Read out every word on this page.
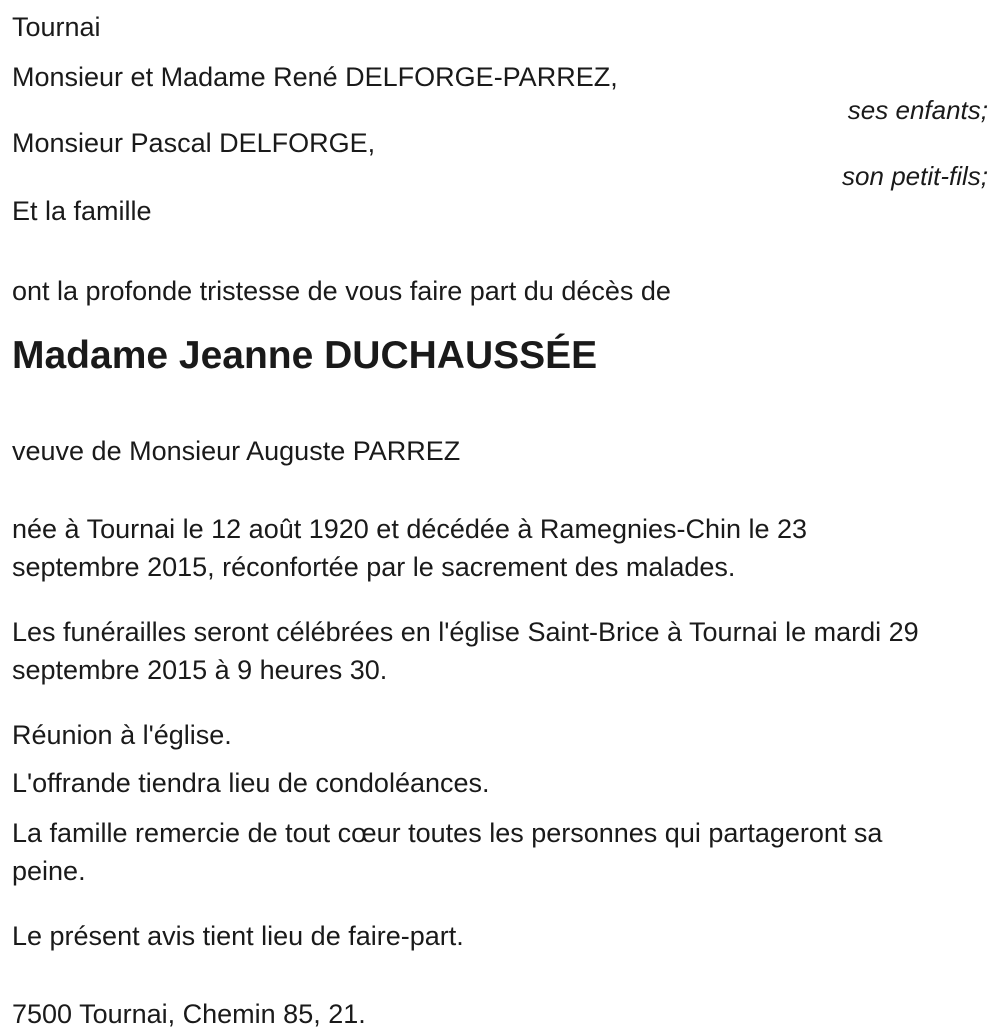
Tournai
Monsieur et Madame René DELFORGE-PARREZ,
ses enfants;
Monsieur Pascal DELFORGE,
son petit-fils;
Et la famille
ont la profonde tristesse de vous faire part du décès de
Madame Jeanne DUCHAUSSÉE
veuve de Monsieur Auguste PARREZ

née à Tournai le 12 août 1920 et décédée à Ramegnies-Chin le 23 septembre 2015, réconfortée par le sacrement des malades.

Les funérailles seront célébrées en l'église Saint-Brice à Tournai le mardi 29 septembre 2015 à 9 heures 30.

Réunion à l'église.
L'offrande tiendra lieu de condoléances.

La famille remercie de tout cœur toutes les personnes qui partageront sa peine.

Le présent avis tient lieu de faire-part.
7500 Tournai, Chemin 85, 21.
